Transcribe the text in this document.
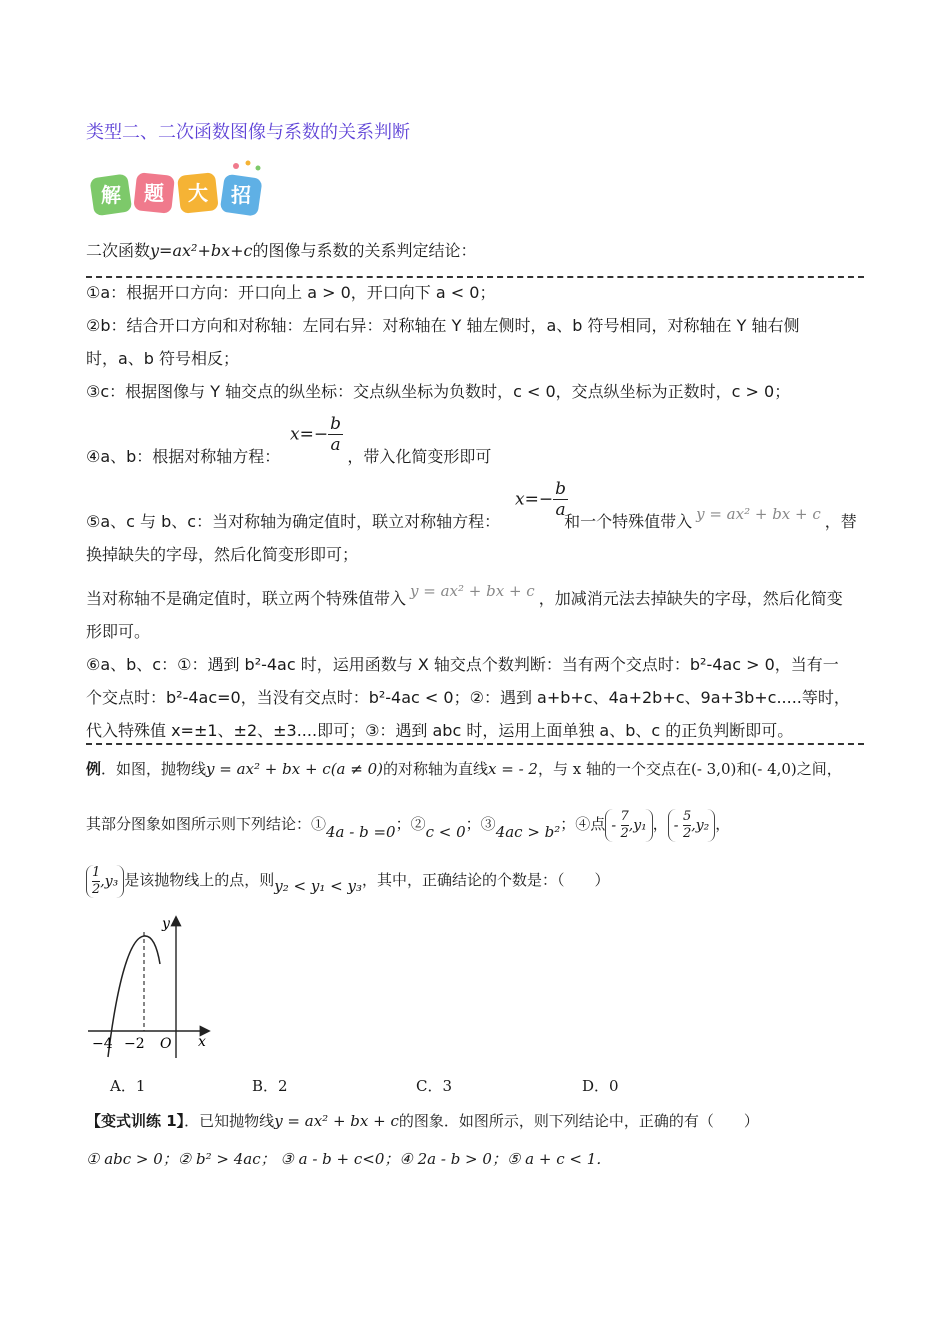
类型二、二次函数图像与系数的关系判断
解 题 大 招
二次函数y=ax²+bx+c的图像与系数的关系判定结论：
①a：根据开口方向：开口向上 a > 0，开口向下 a < 0；
②b：结合开口方向和对称轴：左同右异：对称轴在 Y 轴左侧时，a、b 符号相同，对称轴在 Y 轴右侧
时，a、b 符号相反；
③c：根据图像与 Y 轴交点的纵坐标：交点纵坐标为负数时，c < 0，交点纵坐标为正数时，c > 0；
④a、b：根据对称轴方程：	，带入化简变形即可
$x=- \frac{b}{a}$
⑤a、c 与 b、c：当对称轴为确定值时，联立对称轴方程：	和一个特殊值带入 y = ax² + bx + c ，替
$x=- \frac{b}{a}$
换掉缺失的字母，然后化简变形即可；
当对称轴不是确定值时，联立两个特殊值带入 y = ax² + bx + c ，加减消元法去掉缺失的字母，然后化简变
形即可。
⑥a、b、c：①：遇到 b²-4ac 时，运用函数与 X 轴交点个数判断：当有两个交点时：b²-4ac > 0，当有一
个交点时：b²-4ac=0，当没有交点时：b²-4ac < 0；②：遇到 a+b+c、4a+2b+c、9a+3b+c.....等时，
代入特殊值 x=±1、±2、±3....即可；③：遇到 abc 时，运用上面单独 a、b、c 的正负判断即可。
例．如图，抛物线y = ax² + bx + c(a ≠ 0)的对称轴为直线x = - 2，与 x 轴的一个交点在(- 3,0)和(- 4,0)之间，
其部分图象如图所示则下列结论：①4a - b =0；②c < 0；③4ac > b²；④点 - $\frac{7}{2},y_1$ ， - $\frac{5}{2},y_2$ ，
$\frac{1}{2},y_3$ 是该抛物线上的点，则y₂ < y₁ < y₃，其中，正确结论的个数是：（　　）
y
x
O
−4 −2
A．1	B．2	C．3	D．0
【变式训练 1】．已知抛物线y = ax² + bx + c的图象．如图所示，则下列结论中，正确的有（　　）
① abc > 0；② b² > 4ac； ③ a - b + c<0；④ 2a - b > 0；⑤ a + c < 1．
